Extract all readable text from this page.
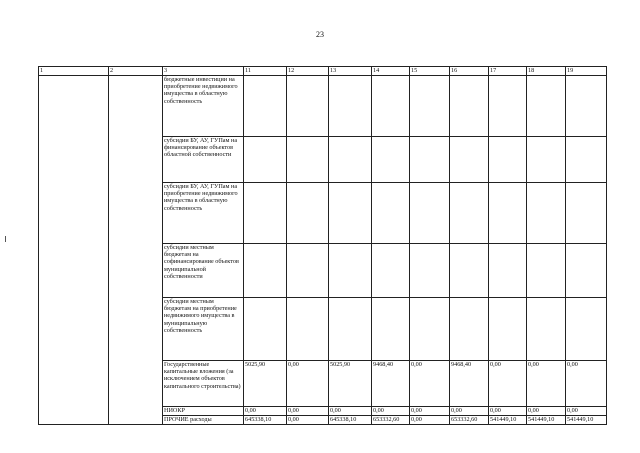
23
1	2	3	11	12	13	14	15	16	17	18	19
		бюджетные инвестиции на приобретение недвижимого имущества в областную собственность									
		субсидии БУ, АУ, ГУПам на финансирование объектов областной собственности									
		субсидии БУ, АУ, ГУПам на приобретение недвижимого имущества в областную собственность									
		субсидии местным бюджетам на софинансирование объектов муниципальной собственности									
		субсидии местным бюджетам на приобретение недвижимого имущества в муниципальную собственность									
		Государственные капитальные вложения (за исключением объектов капитального строительства)	5025,90	0,00	5025,90	9468,40	0,00	9468,40	0,00	0,00	0,00
		НИОКР	0,00	0,00	0,00	0,00	0,00	0,00	0,00	0,00	0,00
		ПРОЧИЕ расходы	645338,10	0,00	645338,10	653332,60	0,00	653332,60	541449,10	541449,10	541449,10
